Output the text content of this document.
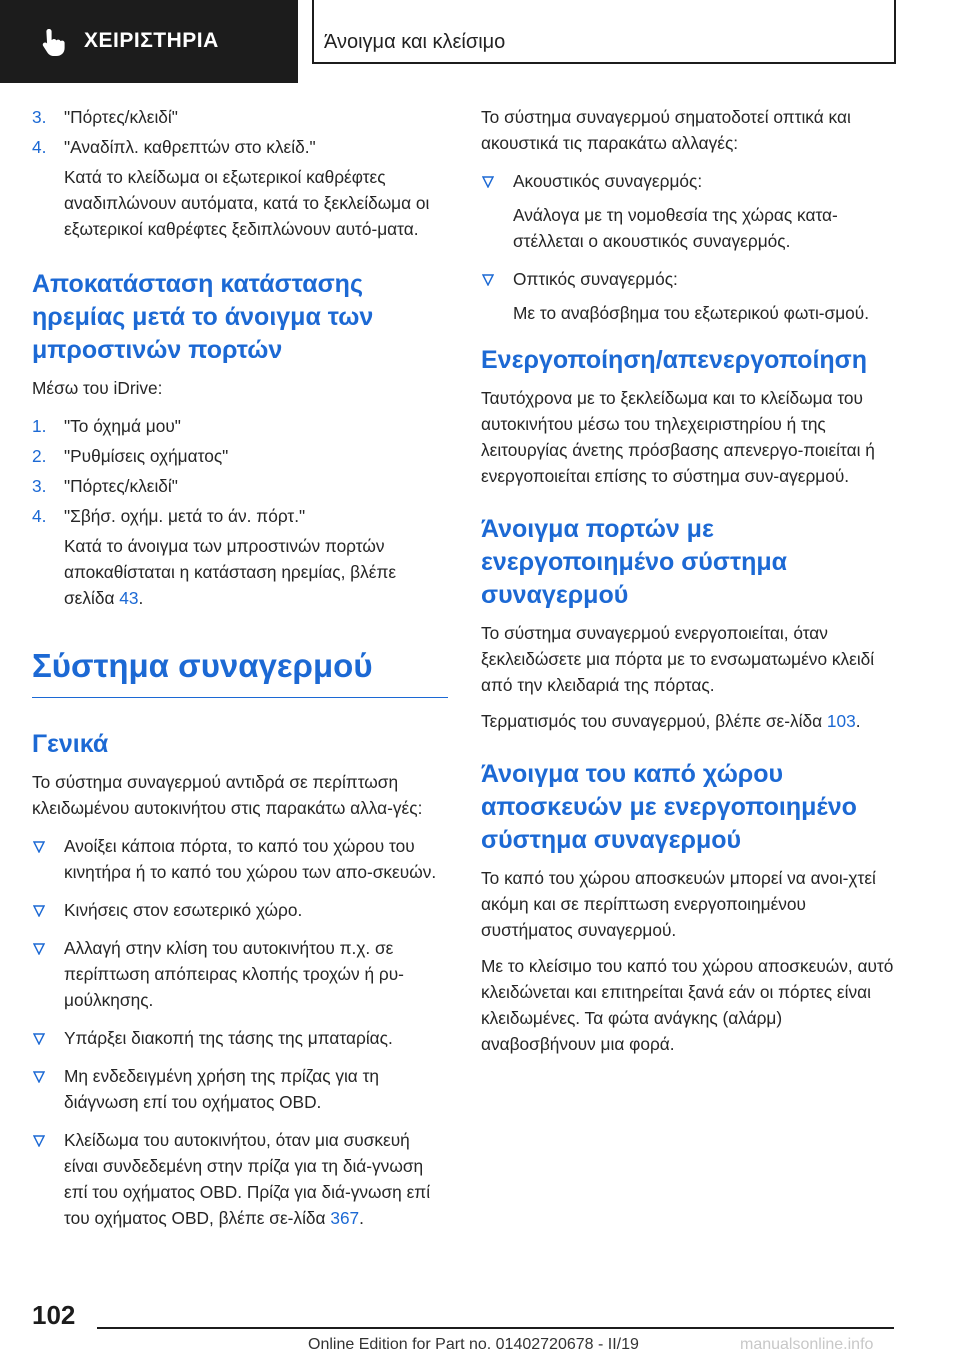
ΧΕΙΡΙΣΤΗΡΙΑ	Άνοιγμα και κλείσιμο
3. "Πόρτες/κλειδί"
4. "Αναδίπλ. καθρεπτών στο κλείδ."

Κατά το κλείδωμα οι εξωτερικοί καθρέφτες αναδιπλώνουν αυτόματα, κατά το ξεκλείδωμα οι εξωτερικοί καθρέφτες ξεδιπλώνουν αυτό-ματα.

Αποκατάσταση κατάστασης ηρεμίας μετά το άνοιγμα των μπροστινών πορτών

Μέσω του iDrive:

1. "Το όχημά μου"
2. "Ρυθμίσεις οχήματος"
3. "Πόρτες/κλειδί"
4. "Σβήσ. οχήμ. μετά το άν. πόρτ."

Κατά το άνοιγμα των μπροστινών πορτών αποκαθίσταται η κατάσταση ηρεμίας, βλέπε σελίδα 43.

Σύστημα συναγερμού
Γενικά

Το σύστημα συναγερμού αντιδρά σε περίπτωση κλειδωμένου αυτοκινήτου στις παρακάτω αλλα-γές:

Ανοίξει κάποια πόρτα, το καπό του χώρου του κινητήρα ή το καπό του χώρου των απο-σκευών.
Κινήσεις στον εσωτερικό χώρο.
Αλλαγή στην κλίση του αυτοκινήτου π.χ. σε περίπτωση απόπειρας κλοπής τροχών ή ρυ-μούλκησης.
Υπάρξει διακοπή της τάσης της μπαταρίας.
Μη ενδεδειγμένη χρήση της πρίζας για τη διάγνωση επί του οχήματος OBD.
Κλείδωμα του αυτοκινήτου, όταν μια συσκευή είναι συνδεδεμένη στην πρίζα για τη διά-γνωση επί του οχήματος OBD. Πρίζα για διά-γνωση επί του οχήματος OBD, βλέπε σε-λίδα 367.

Το σύστημα συναγερμού σηματοδοτεί οπτικά και ακουστικά τις παρακάτω αλλαγές:

Ακουστικός συναγερμός:

Ανάλογα με τη νομοθεσία της χώρας κατα-στέλλεται ο ακουστικός συναγερμός.

Οπτικός συναγερμός:

Με το αναβόσβημα του εξωτερικού φωτι-σμού.

Ενεργοποίηση/απενεργοποίηση

Ταυτόχρονα με το ξεκλείδωμα και το κλείδωμα του αυτοκινήτου μέσω του τηλεχειριστηρίου ή της λειτουργίας άνετης πρόσβασης απενεργο-ποιείται ή ενεργοποιείται επίσης το σύστημα συν-αγερμού.

Άνοιγμα πορτών με ενεργοποιημένο σύστημα συναγερμού

Το σύστημα συναγερμού ενεργοποιείται, όταν ξεκλειδώσετε μια πόρτα με το ενσωματωμένο κλειδί από την κλειδαριά της πόρτας.

Τερματισμός του συναγερμού, βλέπε σε-λίδα 103.

Άνοιγμα του καπό χώρου αποσκευών με ενεργοποιημένο σύστημα συναγερμού

Το καπό του χώρου αποσκευών μπορεί να ανοι-χτεί ακόμη και σε περίπτωση ενεργοποιημένου συστήματος συναγερμού.

Με το κλείσιμο του καπό του χώρου αποσκευών, αυτό κλειδώνεται και επιτηρείται ξανά εάν οι πόρτες είναι κλειδωμένες. Τα φώτα ανάγκης (αλάρμ) αναβοσβήνουν μια φορά.

102
Online Edition for Part no. 01402720678 - II/19	manualsonline.info
